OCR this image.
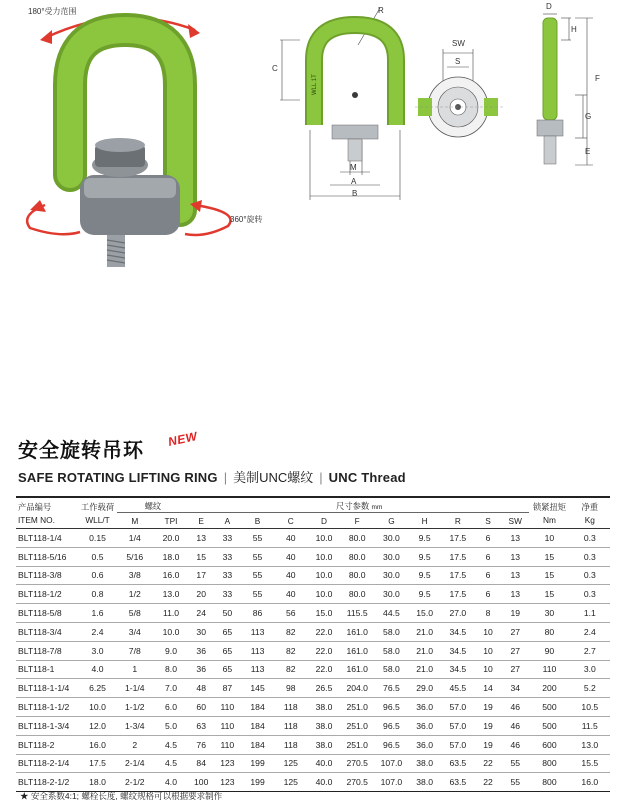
180°受力范围
360°旋转
WLL 1T
R
C
M
A
B
SW
S
D
H
F
G
E
安全旋转吊环
NEW
SAFE ROTATING LIFTING RING | 美制UNC螺纹 | UNC Thread
产品编号	工作载荷	螺纹		尺寸参数 mm											锁紧扭矩	净重
ITEM NO.	WLL/T	M	TPI	E	A	B	C	D	F	G	H	R	S	SW	Nm	Kg
BLT118-1/4	0.15	1/4	20.0	13	33	55	40	10.0	80.0	30.0	9.5	17.5	6	13	10	0.3
BLT118-5/16	0.5	5/16	18.0	15	33	55	40	10.0	80.0	30.0	9.5	17.5	6	13	15	0.3
BLT118-3/8	0.6	3/8	16.0	17	33	55	40	10.0	80.0	30.0	9.5	17.5	6	13	15	0.3
BLT118-1/2	0.8	1/2	13.0	20	33	55	40	10.0	80.0	30.0	9.5	17.5	6	13	15	0.3
BLT118-5/8	1.6	5/8	11.0	24	50	86	56	15.0	115.5	44.5	15.0	27.0	8	19	30	1.1
BLT118-3/4	2.4	3/4	10.0	30	65	113	82	22.0	161.0	58.0	21.0	34.5	10	27	80	2.4
BLT118-7/8	3.0	7/8	9.0	36	65	113	82	22.0	161.0	58.0	21.0	34.5	10	27	90	2.7
BLT118-1	4.0	1	8.0	36	65	113	82	22.0	161.0	58.0	21.0	34.5	10	27	110	3.0
BLT118-1-1/4	6.25	1-1/4	7.0	48	87	145	98	26.5	204.0	76.5	29.0	45.5	14	34	200	5.2
BLT118-1-1/2	10.0	1-1/2	6.0	60	110	184	118	38.0	251.0	96.5	36.0	57.0	19	46	500	10.5
BLT118-1-3/4	12.0	1-3/4	5.0	63	110	184	118	38.0	251.0	96.5	36.0	57.0	19	46	500	11.5
BLT118-2	16.0	2	4.5	76	110	184	118	38.0	251.0	96.5	36.0	57.0	19	46	600	13.0
BLT118-2-1/4	17.5	2-1/4	4.5	84	123	199	125	40.0	270.5	107.0	38.0	63.5	22	55	800	15.5
BLT118-2-1/2	18.0	2-1/2	4.0	100	123	199	125	40.0	270.5	107.0	38.0	63.5	22	55	800	16.0
★ 安全系数4:1; 螺栓长度, 螺纹规格可以根据要求制作
